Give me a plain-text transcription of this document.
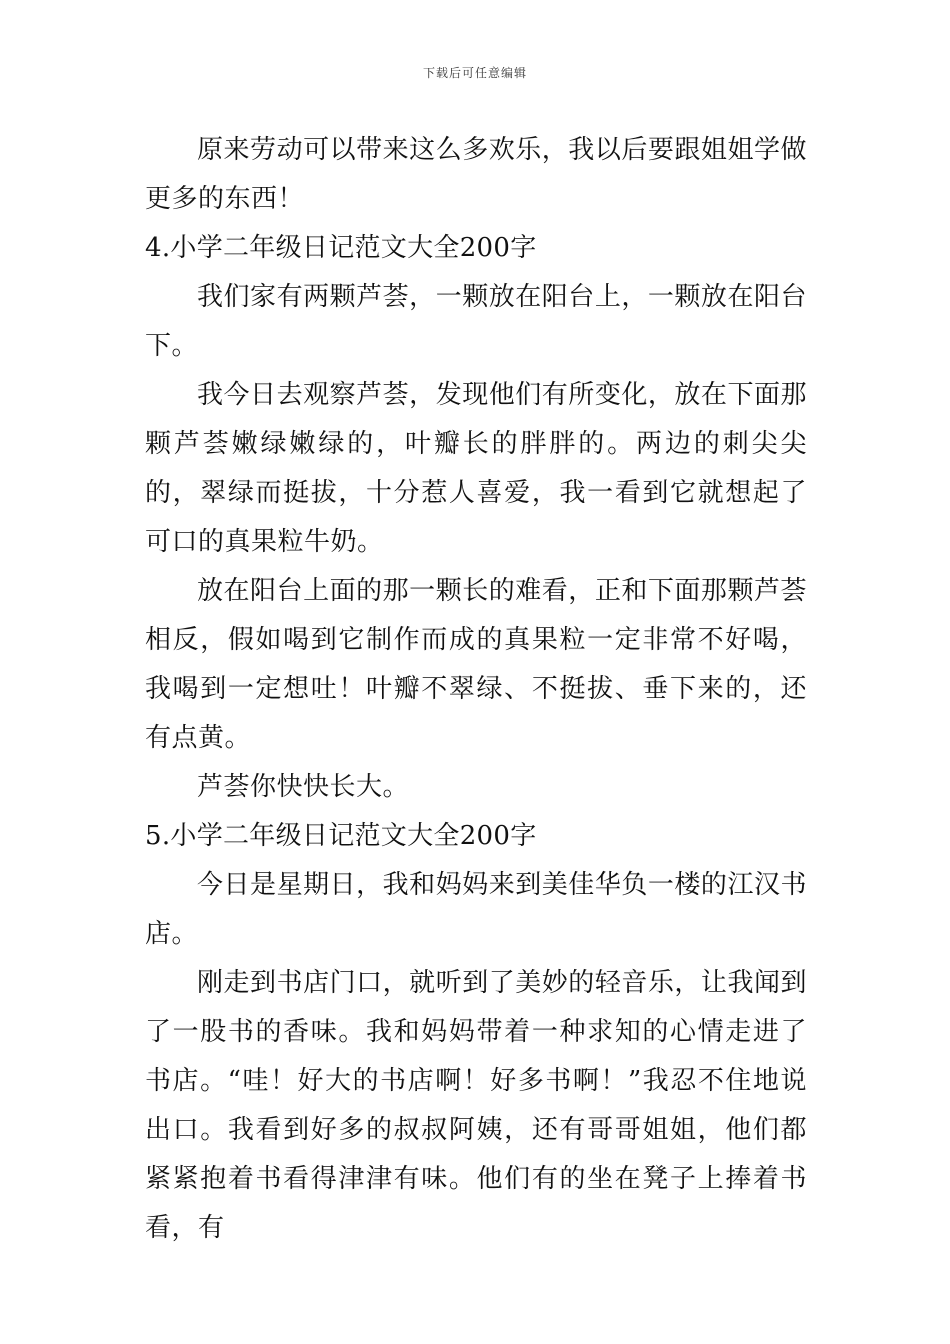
下载后可任意编辑

原来劳动可以带来这么多欢乐，我以后要跟姐姐学做更多的东西！

4.小学二年级日记范文大全200字

我们家有两颗芦荟，一颗放在阳台上，一颗放在阳台下。

我今日去观察芦荟，发现他们有所变化，放在下面那颗芦荟嫩绿嫩绿的，叶瓣长的胖胖的。两边的刺尖尖的，翠绿而挺拔，十分惹人喜爱，我一看到它就想起了可口的真果粒牛奶。

放在阳台上面的那一颗长的难看，正和下面那颗芦荟相反，假如喝到它制作而成的真果粒一定非常不好喝，我喝到一定想吐！叶瓣不翠绿、不挺拔、垂下来的，还有点黄。

芦荟你快快长大。

5.小学二年级日记范文大全200字

今日是星期日，我和妈妈来到美佳华负一楼的江汉书店。

刚走到书店门口，就听到了美妙的轻音乐，让我闻到了一股书的香味。我和妈妈带着一种求知的心情走进了书店。“哇！好大的书店啊！好多书啊！”我忍不住地说出口。我看到好多的叔叔阿姨，还有哥哥姐姐，他们都紧紧抱着书看得津津有味。他们有的坐在凳子上捧着书看，有
